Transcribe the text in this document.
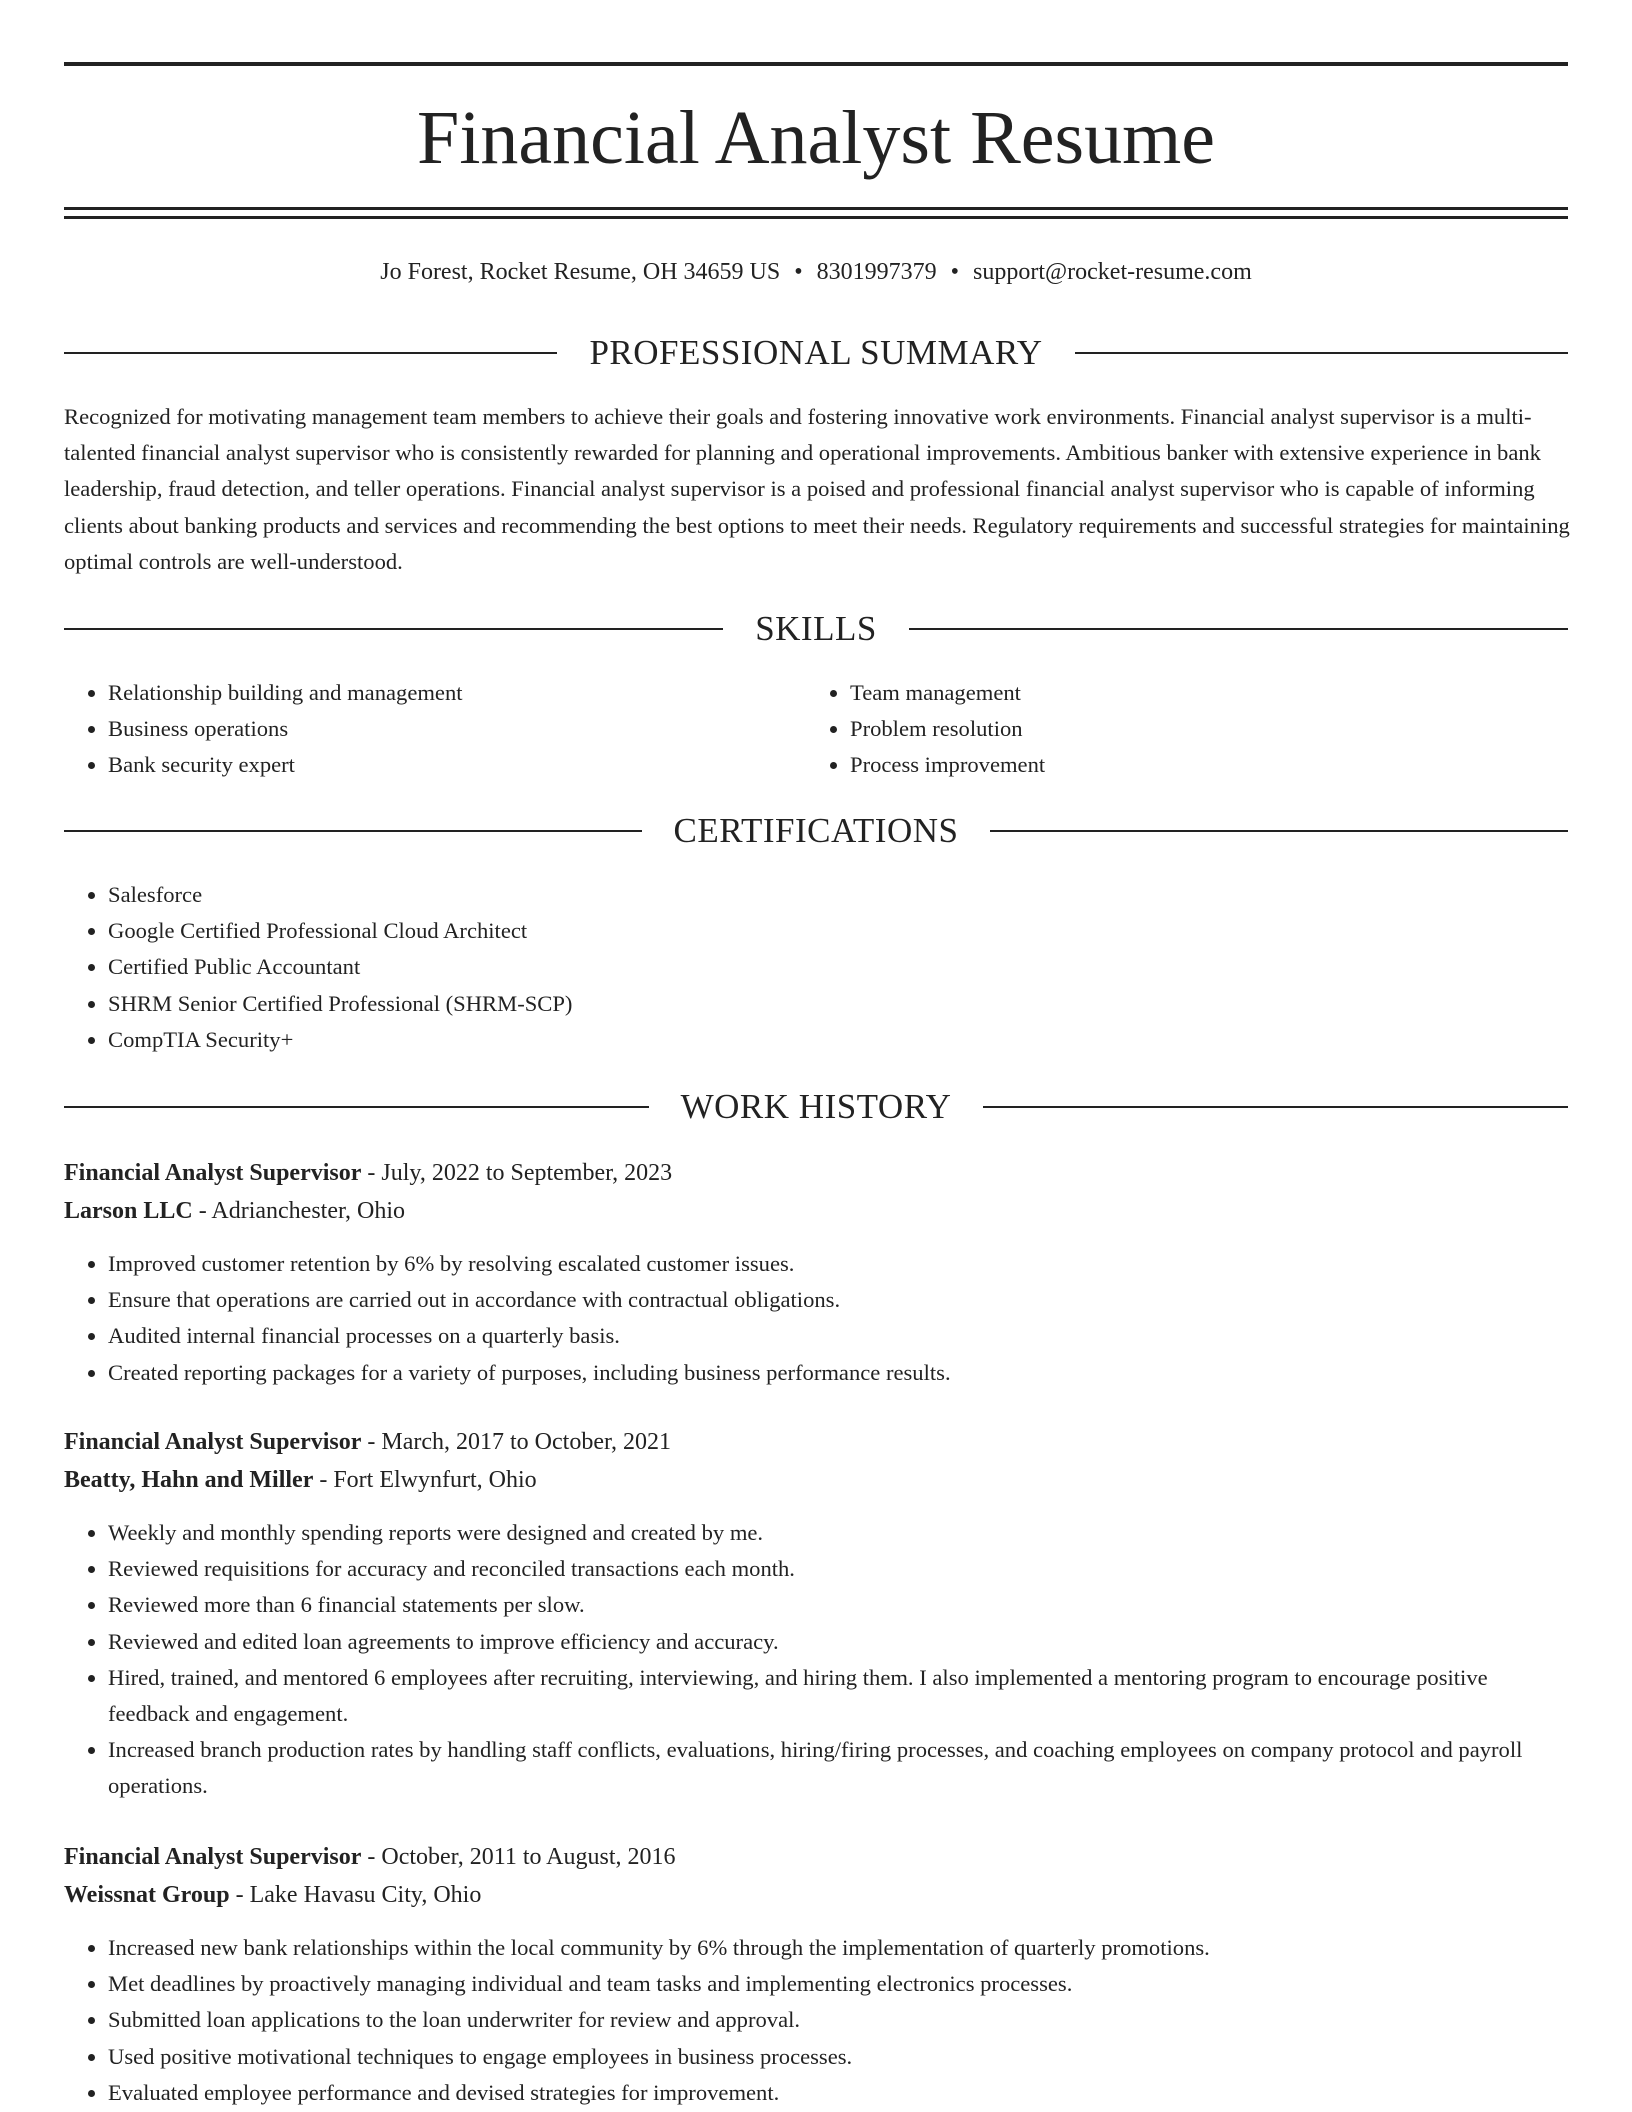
Financial Analyst Resume
Jo Forest, Rocket Resume, OH 34659 US • 8301997379 • support@rocket-resume.com
PROFESSIONAL SUMMARY

Recognized for motivating management team members to achieve their goals and fostering innovative work environments. Financial analyst supervisor is a multi-talented financial analyst supervisor who is consistently rewarded for planning and operational improvements. Ambitious banker with extensive experience in bank leadership, fraud detection, and teller operations. Financial analyst supervisor is a poised and professional financial analyst supervisor who is capable of informing clients about banking products and services and recommending the best options to meet their needs. Regulatory requirements and successful strategies for maintaining optimal controls are well-understood.

SKILLS
• Relationship building and management
• Business operations
• Bank security expert
• Team management
• Problem resolution
• Process improvement
CERTIFICATIONS
• Salesforce
• Google Certified Professional Cloud Architect
• Certified Public Accountant
• SHRM Senior Certified Professional (SHRM-SCP)
• CompTIA Security+
WORK HISTORY
Financial Analyst Supervisor - July, 2022 to September, 2023
Larson LLC - Adrianchester, Ohio
• Improved customer retention by 6% by resolving escalated customer issues.
• Ensure that operations are carried out in accordance with contractual obligations.
• Audited internal financial processes on a quarterly basis.
• Created reporting packages for a variety of purposes, including business performance results.
Financial Analyst Supervisor - March, 2017 to October, 2021
Beatty, Hahn and Miller - Fort Elwynfurt, Ohio
• Weekly and monthly spending reports were designed and created by me.
• Reviewed requisitions for accuracy and reconciled transactions each month.
• Reviewed more than 6 financial statements per slow.
• Reviewed and edited loan agreements to improve efficiency and accuracy.
• Hired, trained, and mentored 6 employees after recruiting, interviewing, and hiring them. I also implemented a mentoring program to encourage positive feedback and engagement.
• Increased branch production rates by handling staff conflicts, evaluations, hiring/firing processes, and coaching employees on company protocol and payroll operations.
Financial Analyst Supervisor - October, 2011 to August, 2016
Weissnat Group - Lake Havasu City, Ohio
• Increased new bank relationships within the local community by 6% through the implementation of quarterly promotions.
• Met deadlines by proactively managing individual and team tasks and implementing electronics processes.
• Submitted loan applications to the loan underwriter for review and approval.
• Used positive motivational techniques to engage employees in business processes.
• Evaluated employee performance and devised strategies for improvement.
